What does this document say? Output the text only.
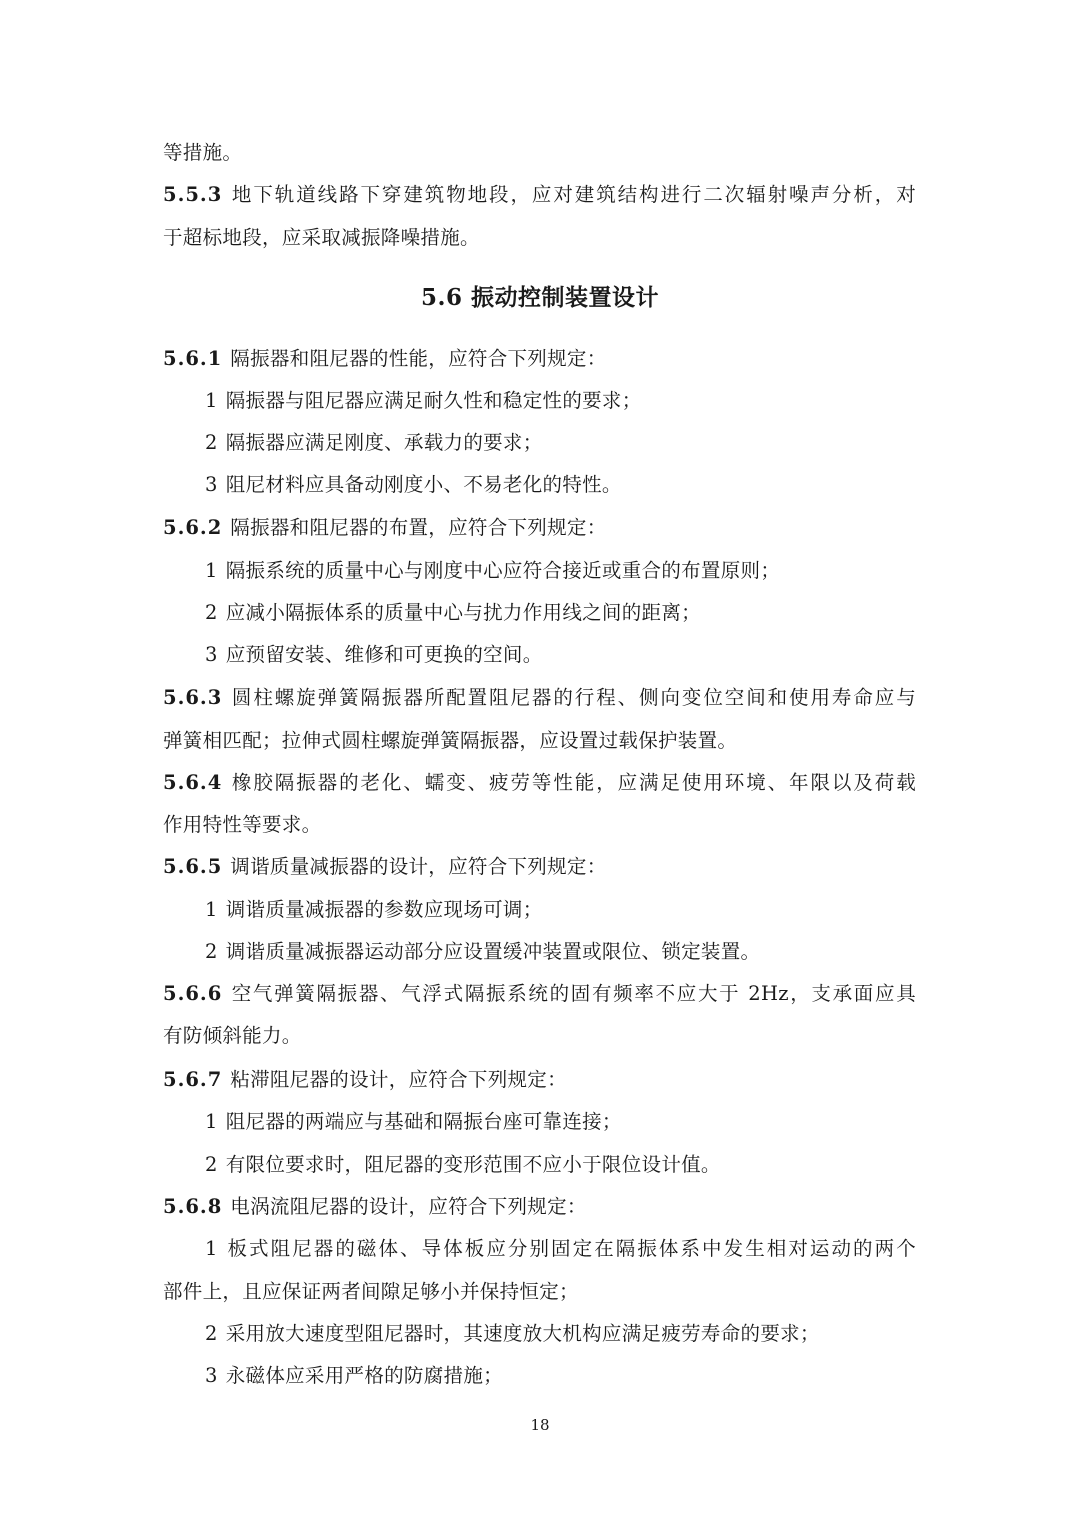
等措施。
5.5.3 地下轨道线路下穿建筑物地段，应对建筑结构进行二次辐射噪声分析，对
于超标地段，应采取减振降噪措施。
5.6 振动控制装置设计
5.6.1 隔振器和阻尼器的性能，应符合下列规定：
1 隔振器与阻尼器应满足耐久性和稳定性的要求；
2 隔振器应满足刚度、承载力的要求；
3 阻尼材料应具备动刚度小、不易老化的特性。
5.6.2 隔振器和阻尼器的布置，应符合下列规定：
1 隔振系统的质量中心与刚度中心应符合接近或重合的布置原则；
2 应减小隔振体系的质量中心与扰力作用线之间的距离；
3 应预留安装、维修和可更换的空间。
5.6.3 圆柱螺旋弹簧隔振器所配置阻尼器的行程、侧向变位空间和使用寿命应与
弹簧相匹配；拉伸式圆柱螺旋弹簧隔振器，应设置过载保护装置。
5.6.4 橡胶隔振器的老化、蠕变、疲劳等性能，应满足使用环境、年限以及荷载
作用特性等要求。
5.6.5 调谐质量减振器的设计，应符合下列规定：
1 调谐质量减振器的参数应现场可调；
2 调谐质量减振器运动部分应设置缓冲装置或限位、锁定装置。
5.6.6 空气弹簧隔振器、气浮式隔振系统的固有频率不应大于 2Hz，支承面应具
有防倾斜能力。
5.6.7 粘滞阻尼器的设计，应符合下列规定：
1 阻尼器的两端应与基础和隔振台座可靠连接；
2 有限位要求时，阻尼器的变形范围不应小于限位设计值。
5.6.8 电涡流阻尼器的设计，应符合下列规定：
1 板式阻尼器的磁体、导体板应分别固定在隔振体系中发生相对运动的两个
部件上，且应保证两者间隙足够小并保持恒定；
2 采用放大速度型阻尼器时，其速度放大机构应满足疲劳寿命的要求；
3 永磁体应采用严格的防腐措施；
18
